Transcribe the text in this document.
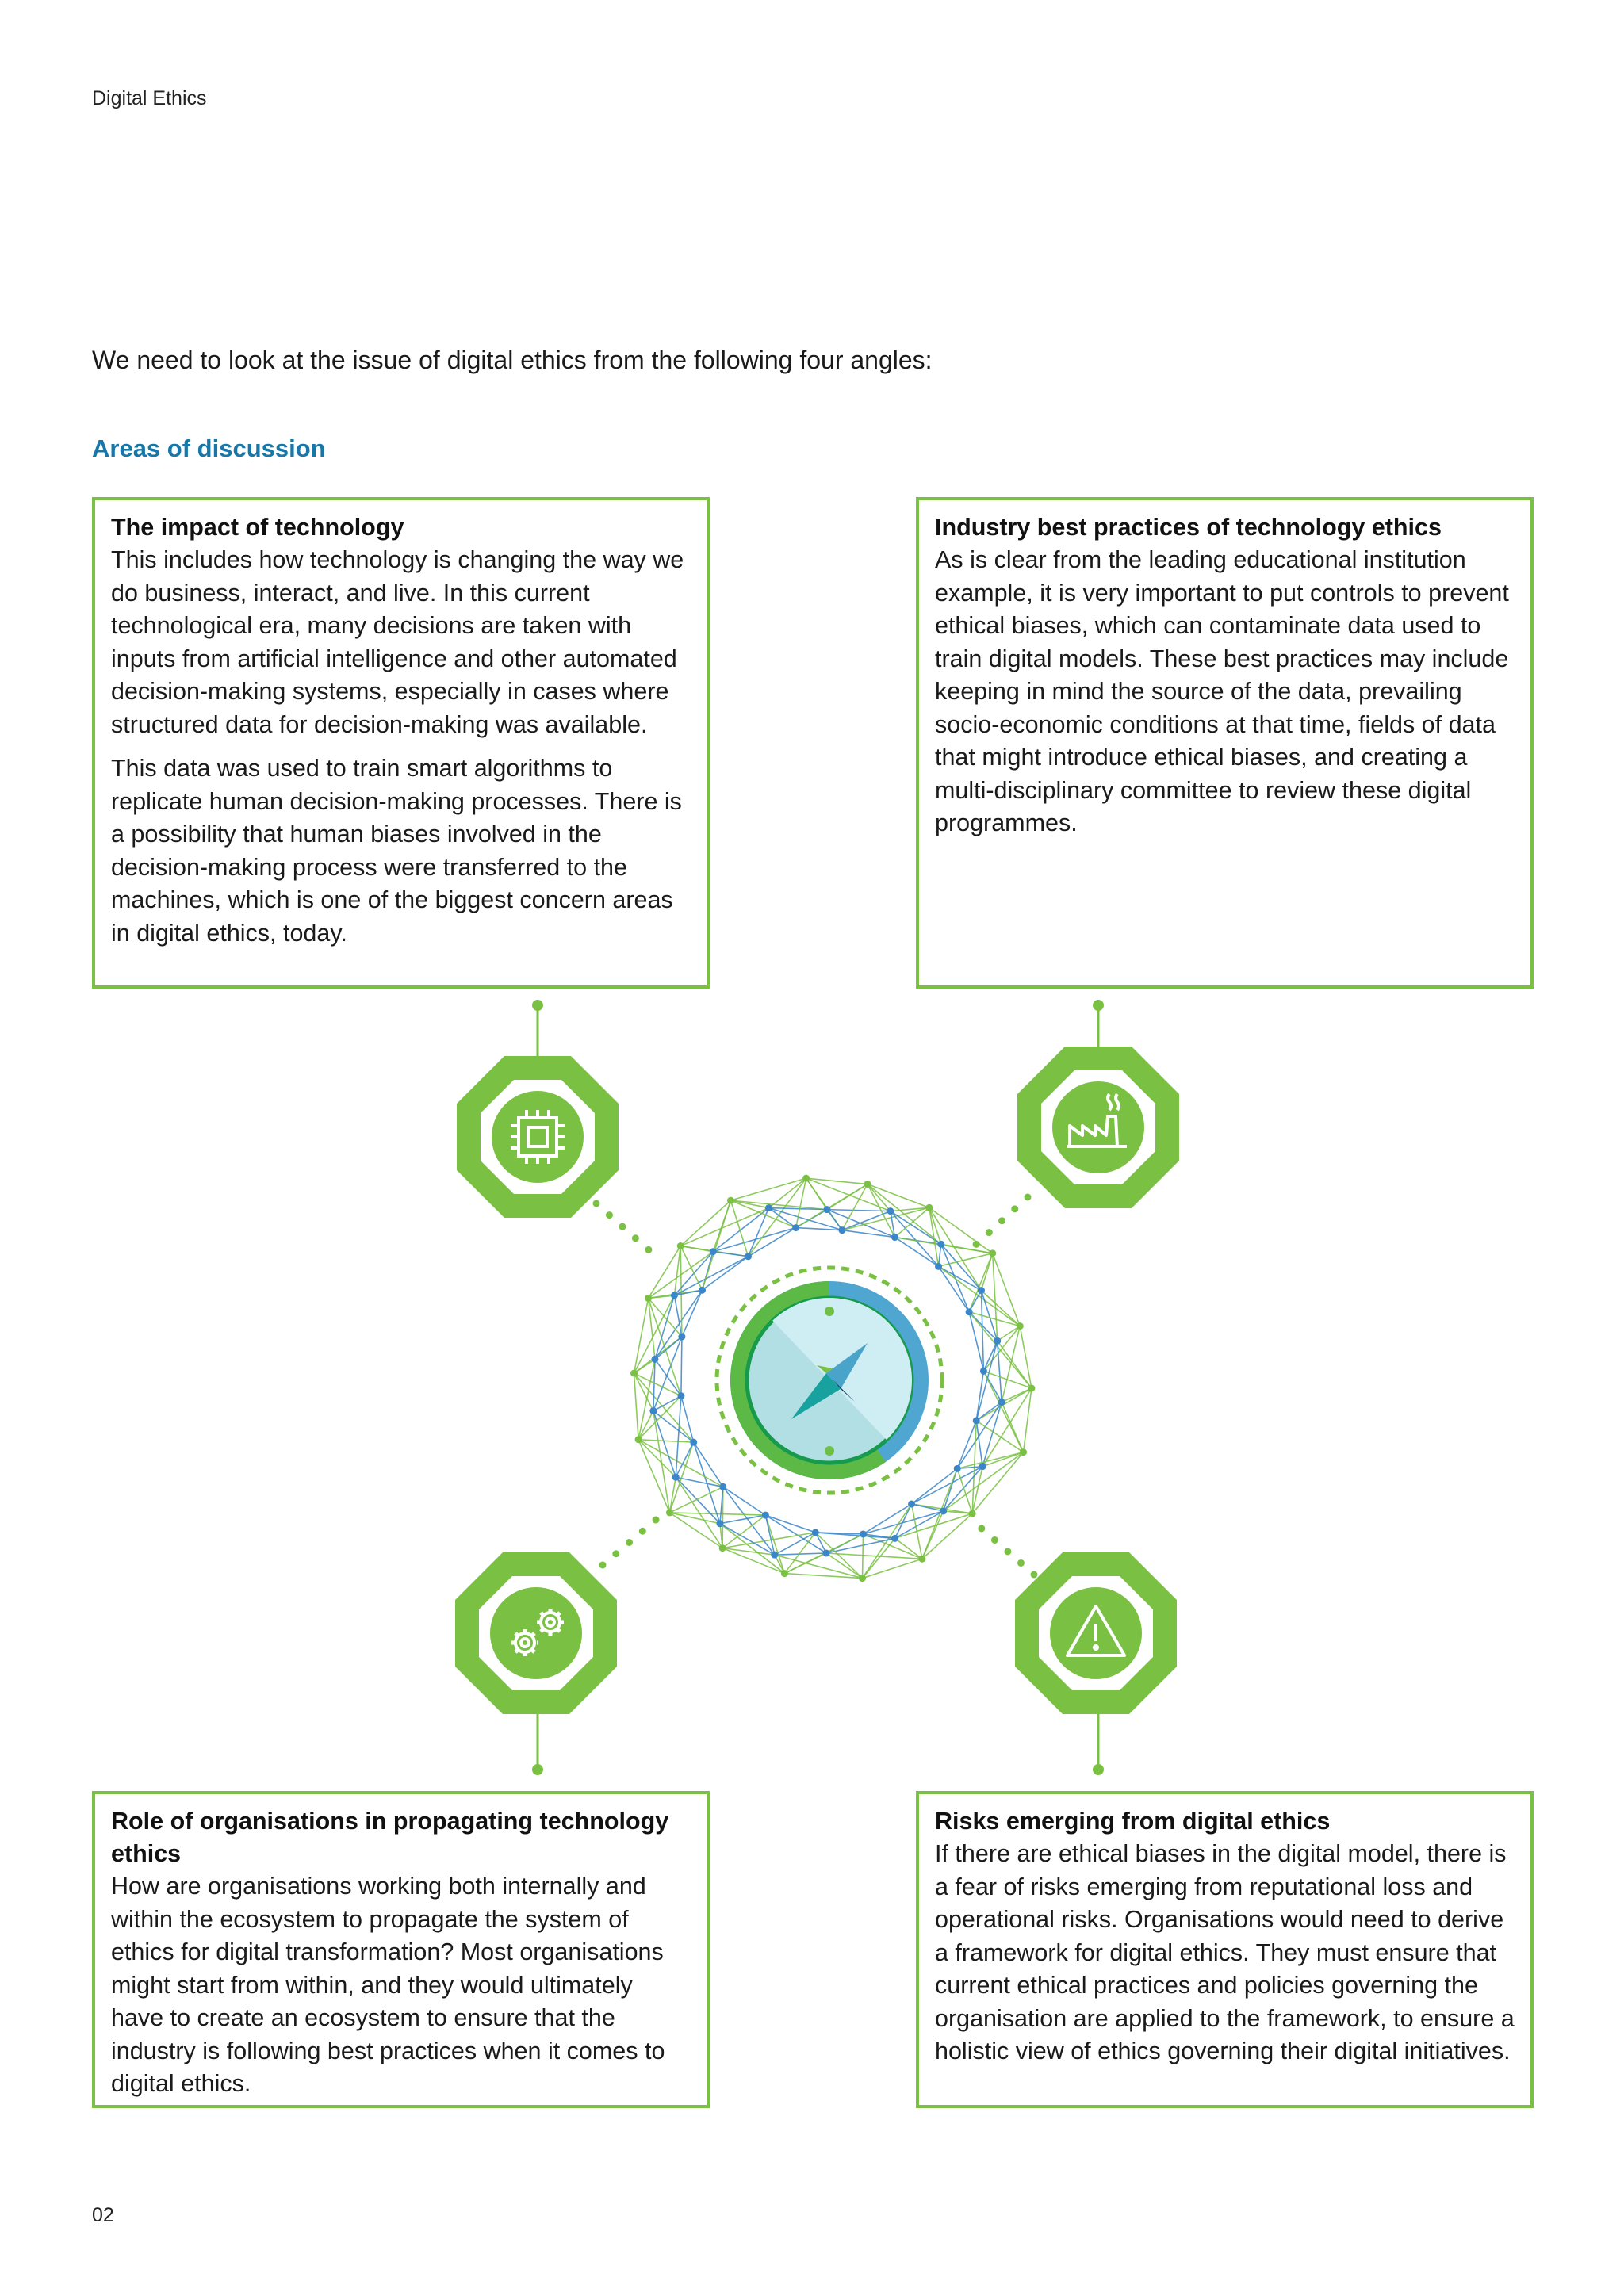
Digital Ethics
We need to look at the issue of digital ethics from the following four angles:
Areas of discussion
The impact of technology

This includes how technology is changing the way we do business, interact, and live. In this current technological era, many decisions are taken with inputs from artificial intelligence and other automated decision-making systems, especially in cases where structured data for decision-making was available.

This data was used to train smart algorithms to replicate human decision-making processes. There is a possibility that human biases involved in the decision-making process were transferred to the machines, which is one of the biggest concern areas in digital ethics, today.

Industry best practices of technology ethics

As is clear from the leading educational institution example, it is very important to put controls to prevent ethical biases, which can contaminate data used to train digital models. These best practices may include keeping in mind the source of the data, prevailing socio-economic conditions at that time, fields of data that might introduce ethical biases, and creating a multi-disciplinary committee to review these digital programmes.

Role of organisations in propagating technology ethics

How are organisations working both internally and within the ecosystem to propagate the system of ethics for digital transformation? Most organisations might start from within, and they would ultimately have to create an ecosystem to ensure that the industry is following best practices when it comes to digital ethics.

Risks emerging from digital ethics

If there are ethical biases in the digital model, there is a fear of risks emerging from reputational loss and operational risks. Organisations would need to derive a framework for digital ethics. They must ensure that current ethical practices and policies governing the organisation are applied to the framework, to ensure a holistic view of ethics governing their digital initiatives.

02
